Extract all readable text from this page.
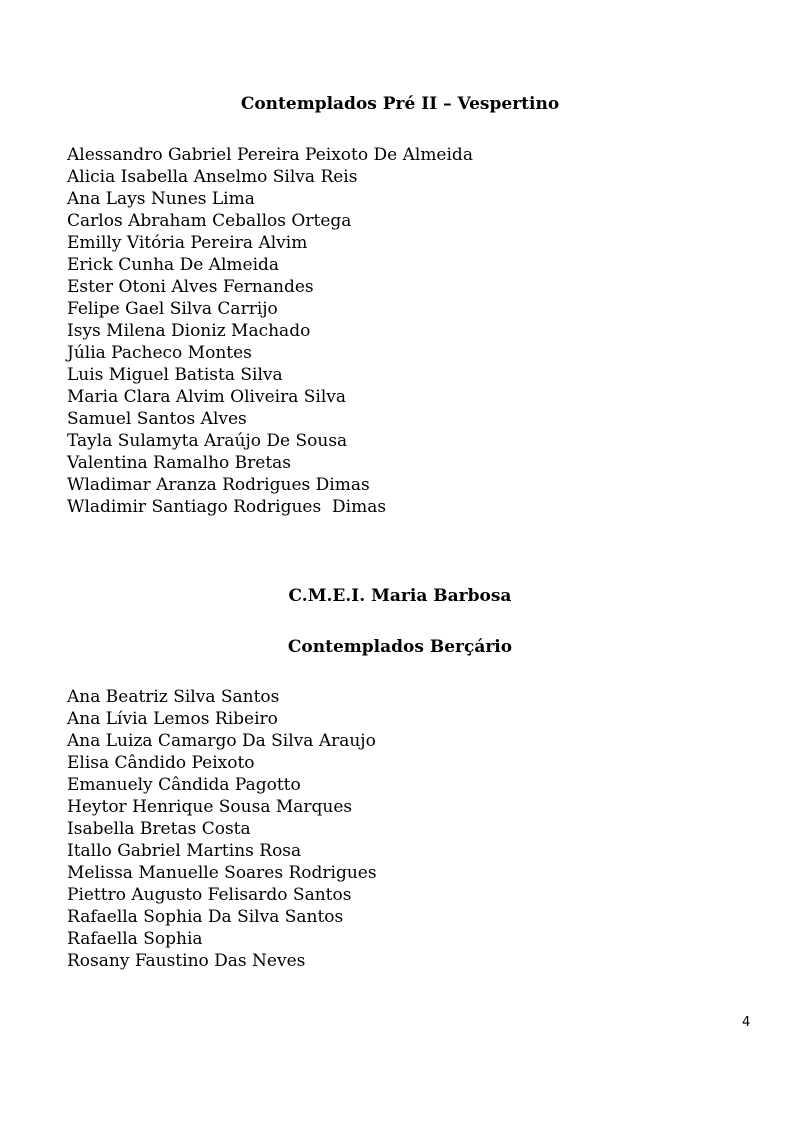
Contemplados Pré II – Vespertino
Alessandro Gabriel Pereira Peixoto De Almeida
Alicia Isabella Anselmo Silva Reis
Ana Lays Nunes Lima
Carlos Abraham Ceballos Ortega
Emilly Vitória Pereira Alvim
Erick Cunha De Almeida
Ester Otoni Alves Fernandes
Felipe Gael Silva Carrijo
Isys Milena Dioniz Machado
Júlia Pacheco Montes
Luis Miguel Batista Silva
Maria Clara Alvim Oliveira Silva
Samuel Santos Alves
Tayla Sulamyta Araújo De Sousa
Valentina Ramalho Bretas
Wladimar Aranza Rodrigues Dimas
Wladimir Santiago Rodrigues  Dimas
C.M.E.I. Maria Barbosa
Contemplados Berçário
Ana Beatriz Silva Santos
Ana Lívia Lemos Ribeiro
Ana Luiza Camargo Da Silva Araujo
Elisa Cândido Peixoto
Emanuely Cândida Pagotto
Heytor Henrique Sousa Marques
Isabella Bretas Costa
Itallo Gabriel Martins Rosa
Melissa Manuelle Soares Rodrigues
Piettro Augusto Felisardo Santos
Rafaella Sophia Da Silva Santos
Rafaella Sophia
Rosany Faustino Das Neves
4
